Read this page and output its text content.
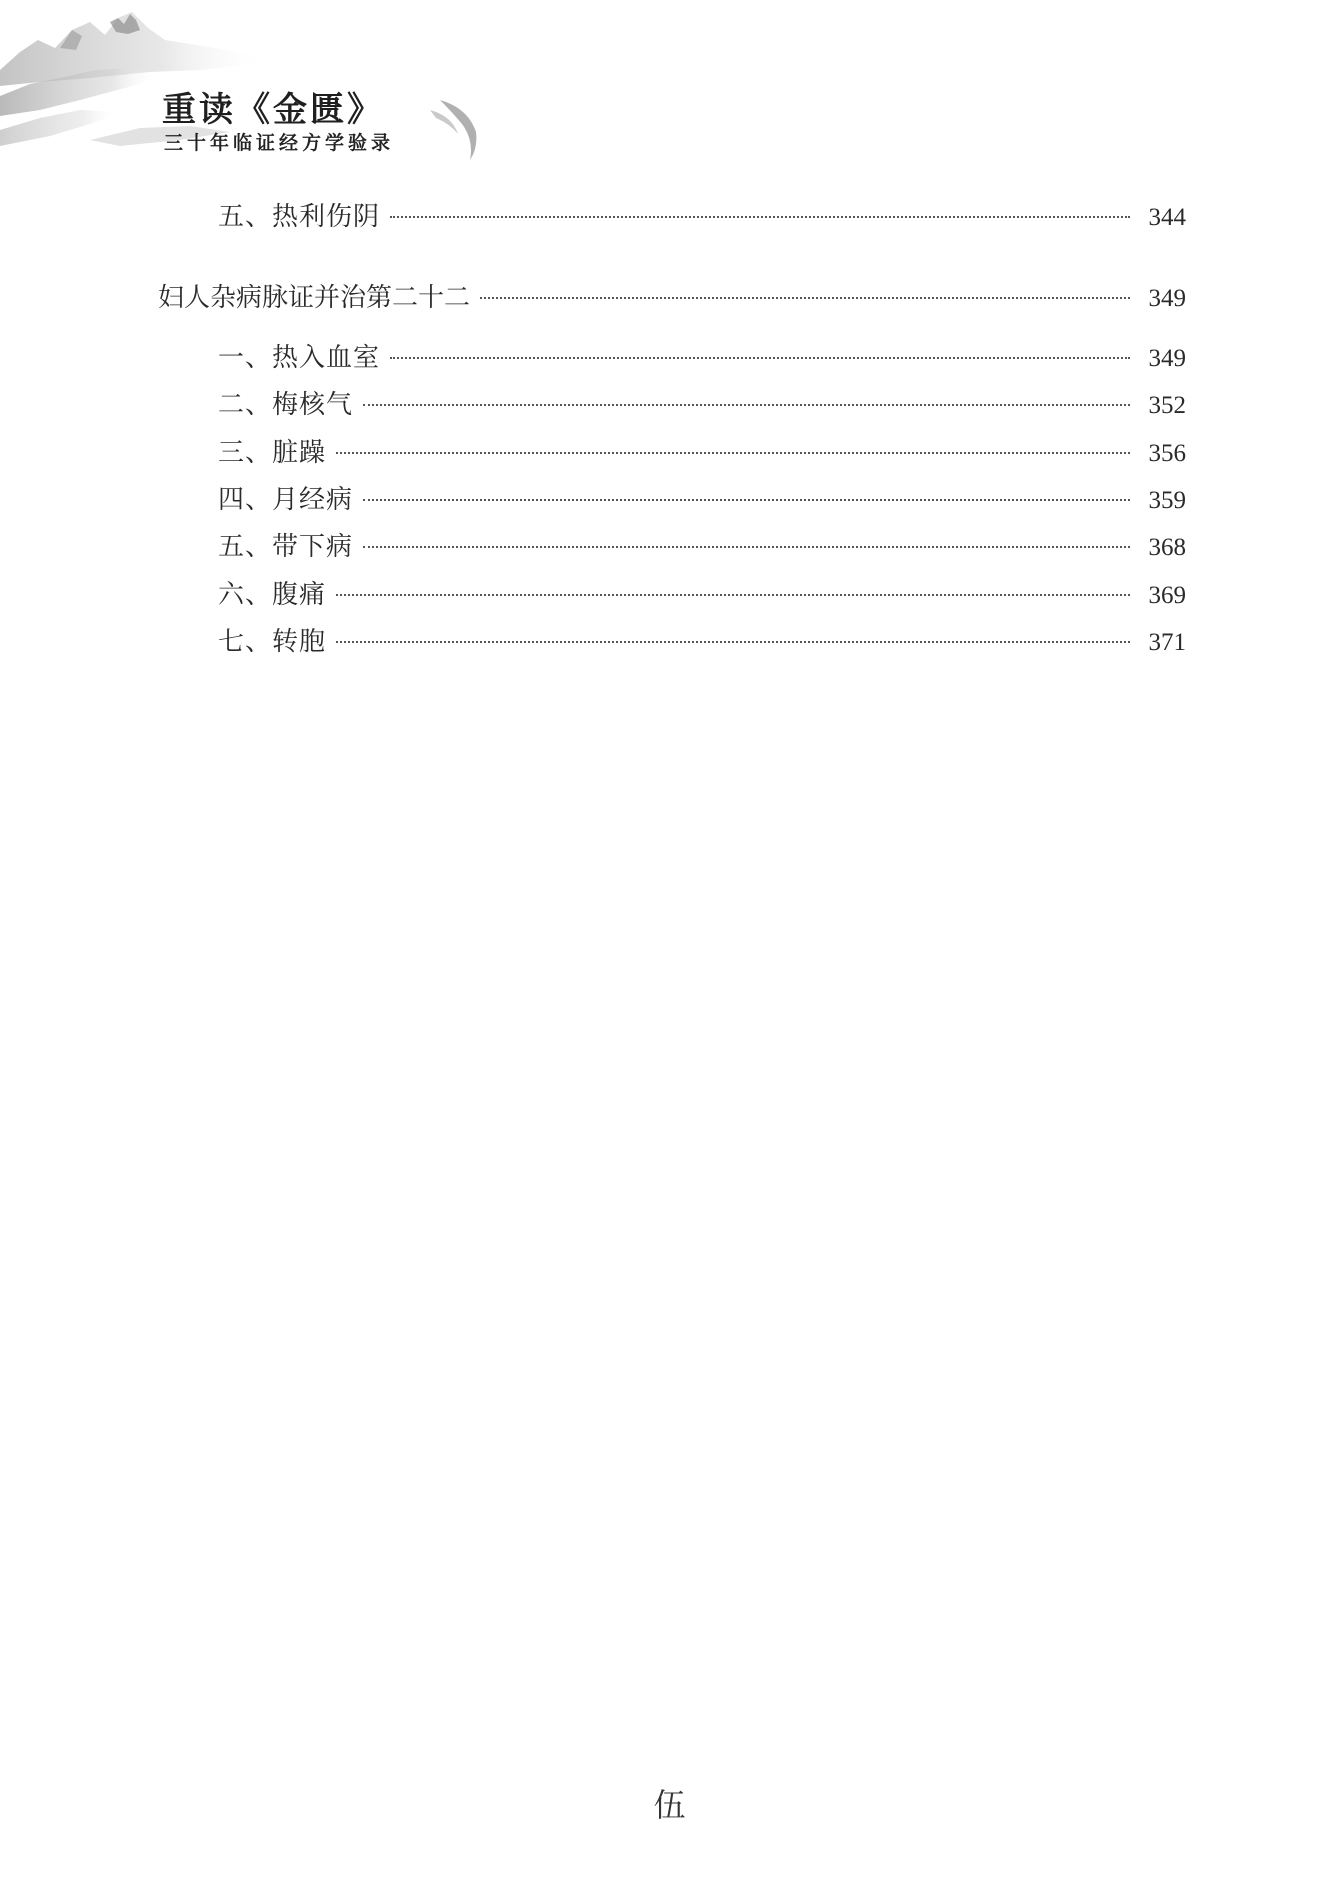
重读《金匮》
三十年临证经方学验录
五、热利伤阴	344
妇人杂病脉证并治第二十二	349
一、热入血室	349
二、梅核气	352
三、脏躁	356
四、月经病	359
五、带下病	368
六、腹痛	369
七、转胞	371
伍
